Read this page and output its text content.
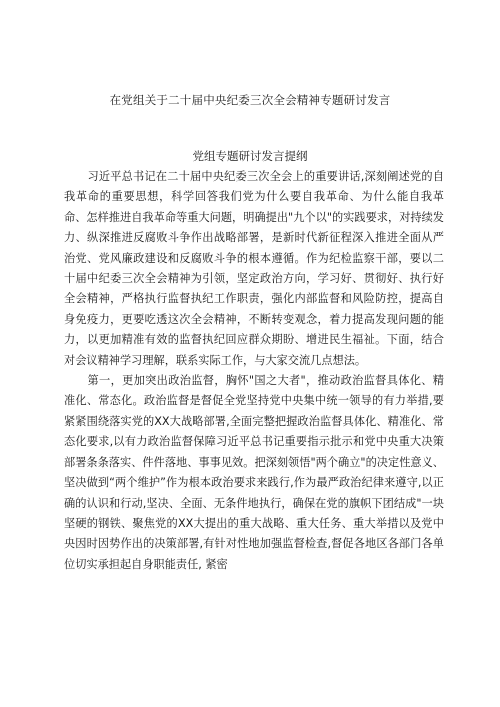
在党组关于二十届中央纪委三次全会精神专题研讨发言
党组专题研讨发言提纲

习近平总书记在二十届中央纪委三次全会上的重要讲话,深刻阐述党的自我革命的重要思想，科学回答我们党为什么要自我革命、为什么能自我革命、怎样推进自我革命等重大问题，明确提出"九个以"的实践要求，对持续发力、纵深推进反腐败斗争作出战略部署，是新时代新征程深入推进全面从严治党、党风廉政建设和反腐败斗争的根本遵循。作为纪检监察干部，要以二十届中纪委三次全会精神为引领，坚定政治方向，学习好、贯彻好、执行好全会精神，严格执行监督执纪工作职责，强化内部监督和风险防控，提高自身免疫力，更要吃透这次全会精神，不断转变观念，着力提高发现问题的能力，以更加精准有效的监督执纪回应群众期盼、增进民生福祉。下面，结合对会议精神学习理解，联系实际工作，与大家交流几点想法。

第一，更加突出政治监督，胸怀"国之大者"，推动政治监督具体化、精准化、常态化。政治监督是督促全党坚持党中央集中统一领导的有力举措,要紧紧围绕落实党的XX大战略部署,全面完整把握政治监督具体化、精准化、常态化要求,以有力政治监督保障习近平总书记重要指示批示和党中央重大决策部署条条落实、件件落地、事事见效。把深刻领悟"两个确立"的决定性意义、坚决做到“两个维护”作为根本政治要求来践行,作为最严政治纪律来遵守,以正确的认识和行动,坚决、全面、无条件地执行，确保在党的旗帜下团结成"一块坚硬的钢铁、聚焦党的XX大提出的重大战略、重大任务、重大举措以及党中央因时因势作出的决策部署,有针对性地加强监督检查,督促各地区各部门各单位切实承担起自身职能责任, 紧密
